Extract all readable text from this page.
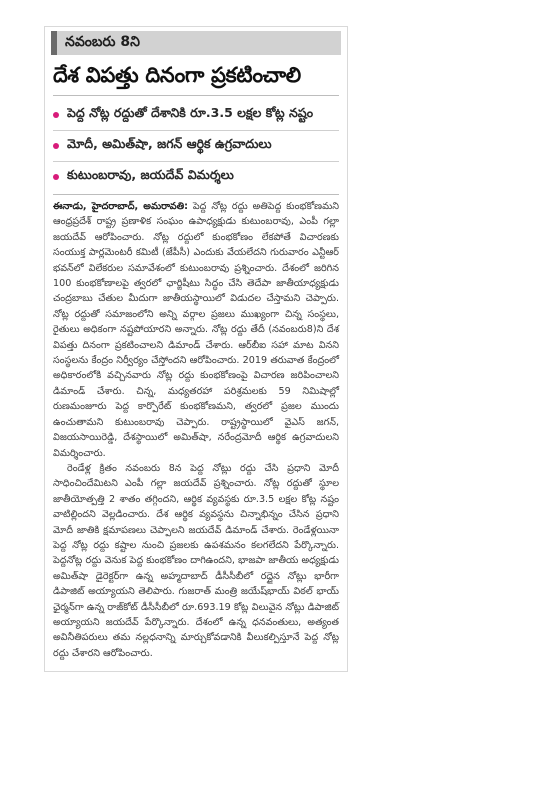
నవంబరు 8ని
దేశ విపత్తు దినంగా ప్రకటించాలి
పెద్ద నోట్ల రద్దుతో దేశానికి రూ.3.5 లక్షల కోట్ల నష్టం
మోదీ, అమిత్‌షా, జగన్ ఆర్థిక ఉగ్రవాదులు
కుటుంబరావు, జయదేవ్ విమర్శలు

ఈనాడు, హైదరాబాద్, అమరావతి: పెద్ద నోట్ల రద్దు అతిపెద్ద కుంభకోణమని ఆంధ్రప్రదేశ్ రాష్ట్ర ప్రణాళిక సంఘం ఉపాధ్యక్షుడు కుటుంబరావు, ఎంపీ గల్లా జయదేవ్ ఆరోపించారు. నోట్ల రద్దులో కుంభకోణం లేకపోతే విచారణకు సంయుక్త పార్లమెంటరీ కమిటీ (జేపీసీ) ఎందుకు వేయలేదని గురువారం ఎన్టీఆర్ భవన్‌లో విలేకరుల సమావేశంలో కుటుంబరావు ప్రశ్నించారు. దేశంలో జరిగిన 100 కుంభకోణాలపై త్వరలో ఛార్జిషీటు సిద్ధం చేసి తెదేపా జాతీయాధ్యక్షుడు చంద్రబాబు చేతుల మీదుగా జాతీయస్థాయిలో విడుదల చేస్తామని చెప్పారు. నోట్ల రద్దుతో సమాజంలోని అన్ని వర్గాల ప్రజలు ముఖ్యంగా చిన్న సంస్థలు, రైతులు అధికంగా నష్టపోయారని అన్నారు. నోట్ల రద్దు తేదీ (నవంబరు8)ని దేశ విపత్తు దినంగా ప్రకటించాలని డిమాండ్ చేశారు. ఆర్‌బీఐ సహా మాట వినని సంస్థలను కేంద్రం నిర్వీర్యం చేస్తోందని ఆరోపించారు. 2019 తరువాత కేంద్రంలో అధికారంలోకి వచ్చినవారు నోట్ల రద్దు కుంభకోణంపై విచారణ జరిపించాలని డిమాండ్ చేశారు. చిన్న, మధ్యతరహా పరిశ్రమలకు 59 నిమిషాల్లో రుణమంజూరు పెద్ద కార్పొరేట్ కుంభకోణమని, త్వరలో ప్రజల ముందు ఉంచుతామని కుటుంబరావు చెప్పారు. రాష్ట్రస్థాయిలో వైఎస్ జగన్, విజయసాయిరెడ్డి, దేశస్థాయిలో అమిత్‌షా, నరేంద్రమోదీ ఆర్థిక ఉగ్రవాదులని విమర్శించారు.

రెండేళ్ల క్రితం నవంబరు 8న పెద్ద నోట్లు రద్దు చేసి ప్రధాని మోదీ సాధించిందేమిటని ఎంపీ గల్లా జయదేవ్ ప్రశ్నించారు. నోట్ల రద్దుతో స్థూల జాతీయోత్పత్తి 2 శాతం తగ్గిందని, ఆర్థిక వ్యవస్థకు రూ.3.5 లక్షల కోట్ల నష్టం వాటిల్లిందని వెల్లడించారు. దేశ ఆర్థిక వ్యవస్థను చిన్నాభిన్నం చేసిన ప్రధాని మోదీ జాతికి క్షమాపణలు చెప్పాలని జయదేవ్ డిమాండ్ చేశారు. రెండేళ్లయినా పెద్ద నోట్ల రద్దు కష్టాల నుంచి ప్రజలకు ఉపశమనం కలగలేదని పేర్కొన్నారు. పెద్దనోట్ల రద్దు వెనుక పెద్ద కుంభకోణం దాగిఉందని, భాజపా జాతీయ అధ్యక్షుడు అమిత్‌షా డైరెక్టర్‌గా ఉన్న అహ్మదాబాద్ డీసీసీబీలో రద్దైన నోట్లు భారీగా డిపాజిట్ అయ్యాయని తెలిపారు. గుజరాత్ మంత్రి జయేష్‌భాయ్ విఠల్ భాయ్ ఛైర్మన్‌గా ఉన్న రాజ్‌కోట్ డీసీసీబీలో రూ.693.19 కోట్ల విలువైన నోట్లు డిపాజిట్ అయ్యాయని జయదేవ్ పేర్కొన్నారు. దేశంలో ఉన్న ధనవంతులు, అత్యంత అవినీతిపరులు తమ నల్లధనాన్ని మార్చుకోవడానికి వీలుకల్పిస్తూనే పెద్ద నోట్ల రద్దు చేశారని ఆరోపించారు.
